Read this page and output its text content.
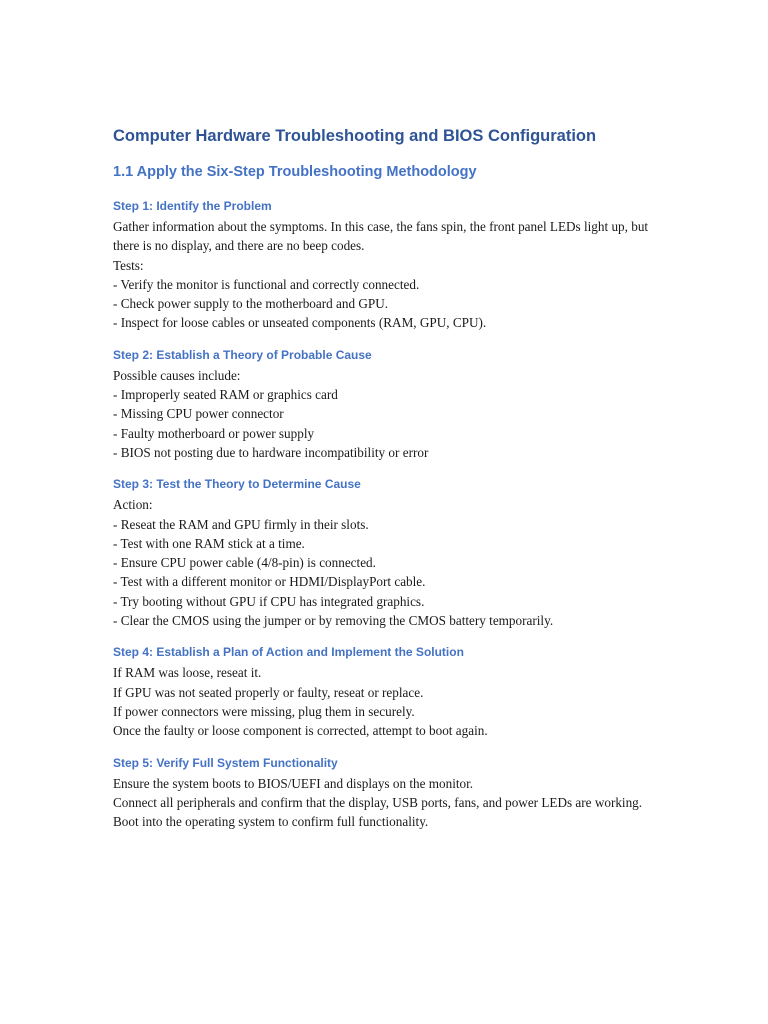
Computer Hardware Troubleshooting and BIOS Configuration
1.1 Apply the Six-Step Troubleshooting Methodology
Step 1: Identify the Problem

Gather information about the symptoms. In this case, the fans spin, the front panel LEDs light up, but there is no display, and there are no beep codes.
Tests:
- Verify the monitor is functional and correctly connected.
- Check power supply to the motherboard and GPU.
- Inspect for loose cables or unseated components (RAM, GPU, CPU).

Step 2: Establish a Theory of Probable Cause

Possible causes include:
- Improperly seated RAM or graphics card
- Missing CPU power connector
- Faulty motherboard or power supply
- BIOS not posting due to hardware incompatibility or error

Step 3: Test the Theory to Determine Cause

Action:
- Reseat the RAM and GPU firmly in their slots.
- Test with one RAM stick at a time.
- Ensure CPU power cable (4/8-pin) is connected.
- Test with a different monitor or HDMI/DisplayPort cable.
- Try booting without GPU if CPU has integrated graphics.
- Clear the CMOS using the jumper or by removing the CMOS battery temporarily.

Step 4: Establish a Plan of Action and Implement the Solution

If RAM was loose, reseat it.
If GPU was not seated properly or faulty, reseat or replace.
If power connectors were missing, plug them in securely.
Once the faulty or loose component is corrected, attempt to boot again.

Step 5: Verify Full System Functionality

Ensure the system boots to BIOS/UEFI and displays on the monitor.
Connect all peripherals and confirm that the display, USB ports, fans, and power LEDs are working.
Boot into the operating system to confirm full functionality.
